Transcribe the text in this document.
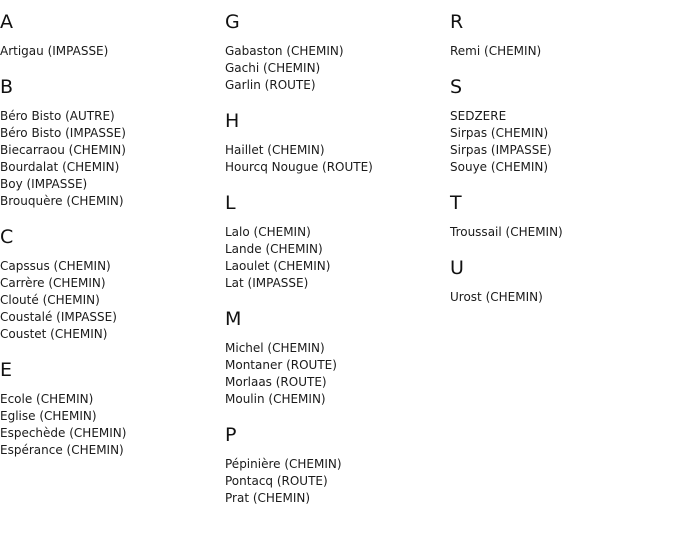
A
Artigau (IMPASSE)
B
Béro Bisto (AUTRE)
Béro Bisto (IMPASSE)
Biecarraou (CHEMIN)
Bourdalat (CHEMIN)
Boy (IMPASSE)
Brouquère (CHEMIN)
C
Capssus (CHEMIN)
Carrère (CHEMIN)
Clouté (CHEMIN)
Coustalé (IMPASSE)
Coustet (CHEMIN)
E
Ecole (CHEMIN)
Eglise (CHEMIN)
Espechède (CHEMIN)
Espérance (CHEMIN)
G
Gabaston (CHEMIN)
Gachi (CHEMIN)
Garlin (ROUTE)
H
Haillet (CHEMIN)
Hourcq Nougue (ROUTE)
L
Lalo (CHEMIN)
Lande (CHEMIN)
Laoulet (CHEMIN)
Lat (IMPASSE)
M
Michel (CHEMIN)
Montaner (ROUTE)
Morlaas (ROUTE)
Moulin (CHEMIN)
P
Pépinière (CHEMIN)
Pontacq (ROUTE)
Prat (CHEMIN)
R
Remi (CHEMIN)
S
SEDZERE
Sirpas (CHEMIN)
Sirpas (IMPASSE)
Souye (CHEMIN)
T
Troussail (CHEMIN)
U
Urost (CHEMIN)
